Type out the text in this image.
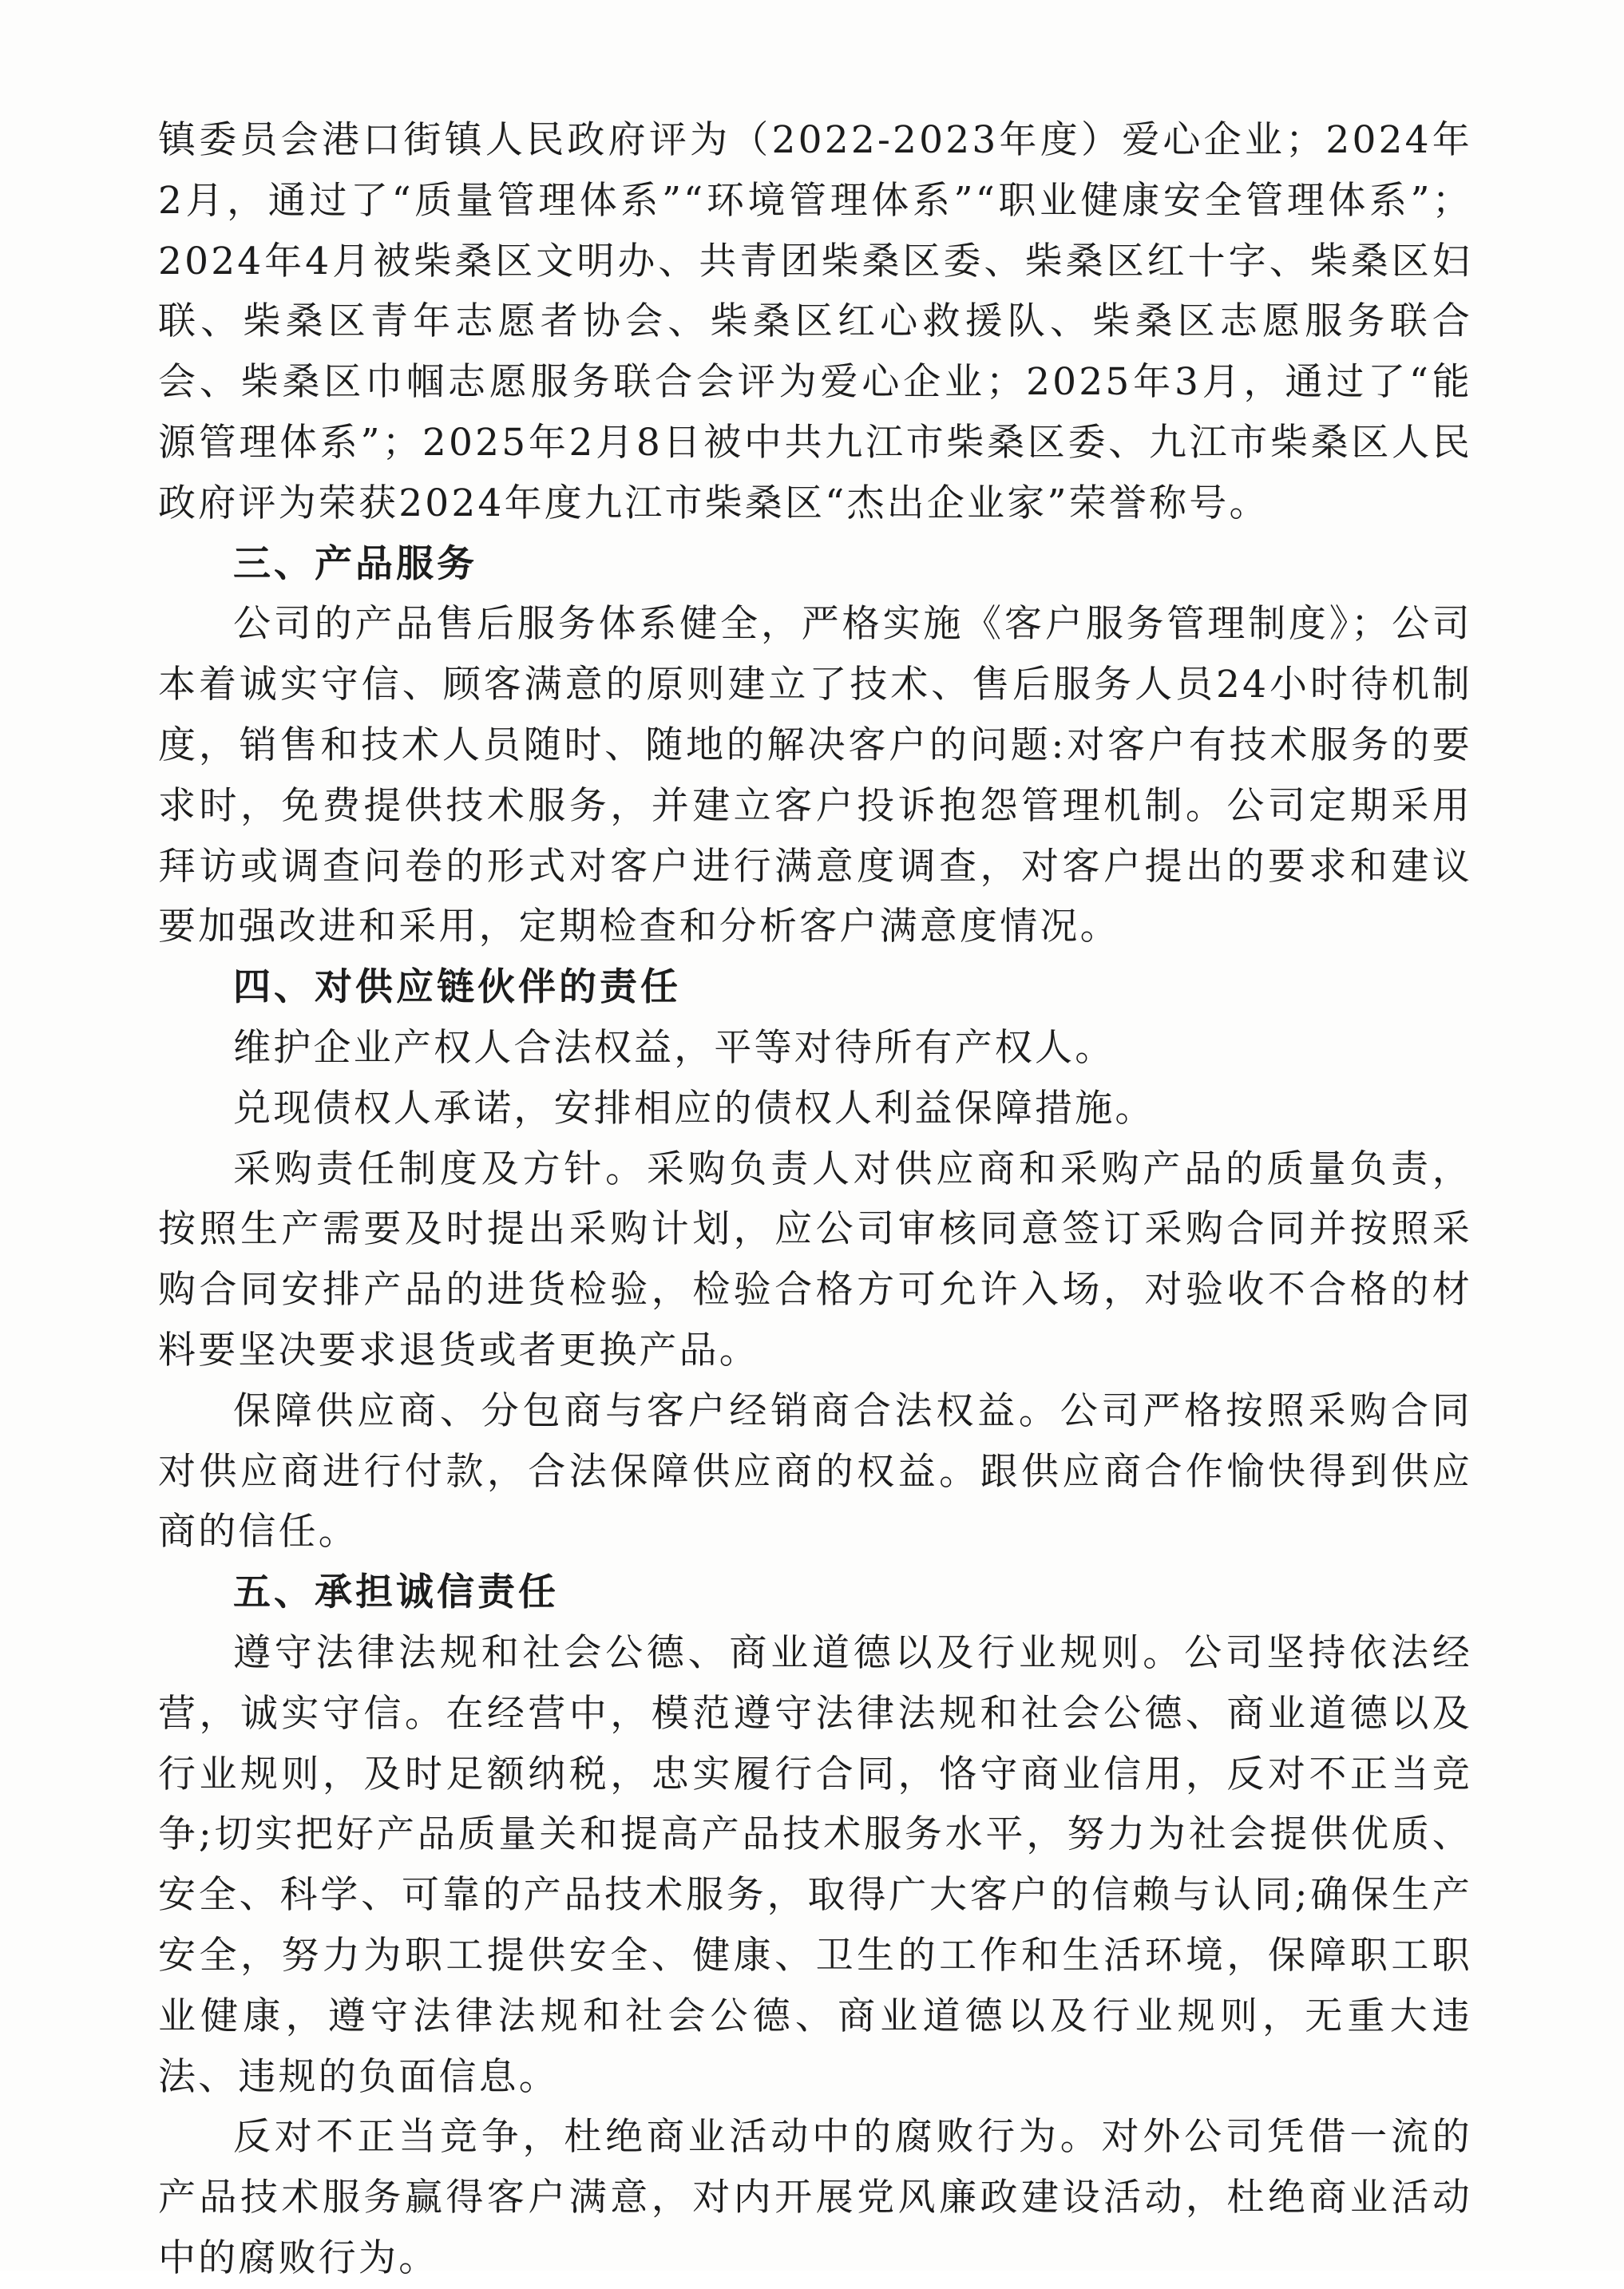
镇委员会港口街镇人民政府评为（2022-2023年度）爱心企业；2024年2月，通过了“质量管理体系”“环境管理体系”“职业健康安全管理体系”；2024年4月被柴桑区文明办、共青团柴桑区委、柴桑区红十字、柴桑区妇联、柴桑区青年志愿者协会、柴桑区红心救援队、柴桑区志愿服务联合会、柴桑区巾帼志愿服务联合会评为爱心企业；2025年3月，通过了“能源管理体系”；2025年2月8日被中共九江市柴桑区委、九江市柴桑区人民政府评为荣获2024年度九江市柴桑区“杰出企业家”荣誉称号。

三、产品服务

公司的产品售后服务体系健全，严格实施《客户服务管理制度》；公司本着诚实守信、顾客满意的原则建立了技术、售后服务人员24小时待机制度，销售和技术人员随时、随地的解决客户的问题:对客户有技术服务的要求时，免费提供技术服务，并建立客户投诉抱怨管理机制。公司定期采用拜访或调查问卷的形式对客户进行满意度调查，对客户提出的要求和建议要加强改进和采用，定期检查和分析客户满意度情况。

四、对供应链伙伴的责任

维护企业产权人合法权益，平等对待所有产权人。

兑现债权人承诺，安排相应的债权人利益保障措施。

采购责任制度及方针。采购负责人对供应商和采购产品的质量负责，按照生产需要及时提出采购计划，应公司审核同意签订采购合同并按照采购合同安排产品的进货检验，检验合格方可允许入场，对验收不合格的材料要坚决要求退货或者更换产品。

保障供应商、分包商与客户经销商合法权益。公司严格按照采购合同对供应商进行付款，合法保障供应商的权益。跟供应商合作愉快得到供应商的信任。

五、承担诚信责任

遵守法律法规和社会公德、商业道德以及行业规则。公司坚持依法经营，诚实守信。在经营中，模范遵守法律法规和社会公德、商业道德以及行业规则，及时足额纳税，忠实履行合同，恪守商业信用，反对不正当竞争;切实把好产品质量关和提高产品技术服务水平，努力为社会提供优质、安全、科学、可靠的产品技术服务，取得广大客户的信赖与认同;确保生产安全，努力为职工提供安全、健康、卫生的工作和生活环境，保障职工职业健康，遵守法律法规和社会公德、商业道德以及行业规则，无重大违法、违规的负面信息。

反对不正当竞争，杜绝商业活动中的腐败行为。对外公司凭借一流的产品技术服务赢得客户满意，对内开展党风廉政建设活动，杜绝商业活动中的腐败行为。
